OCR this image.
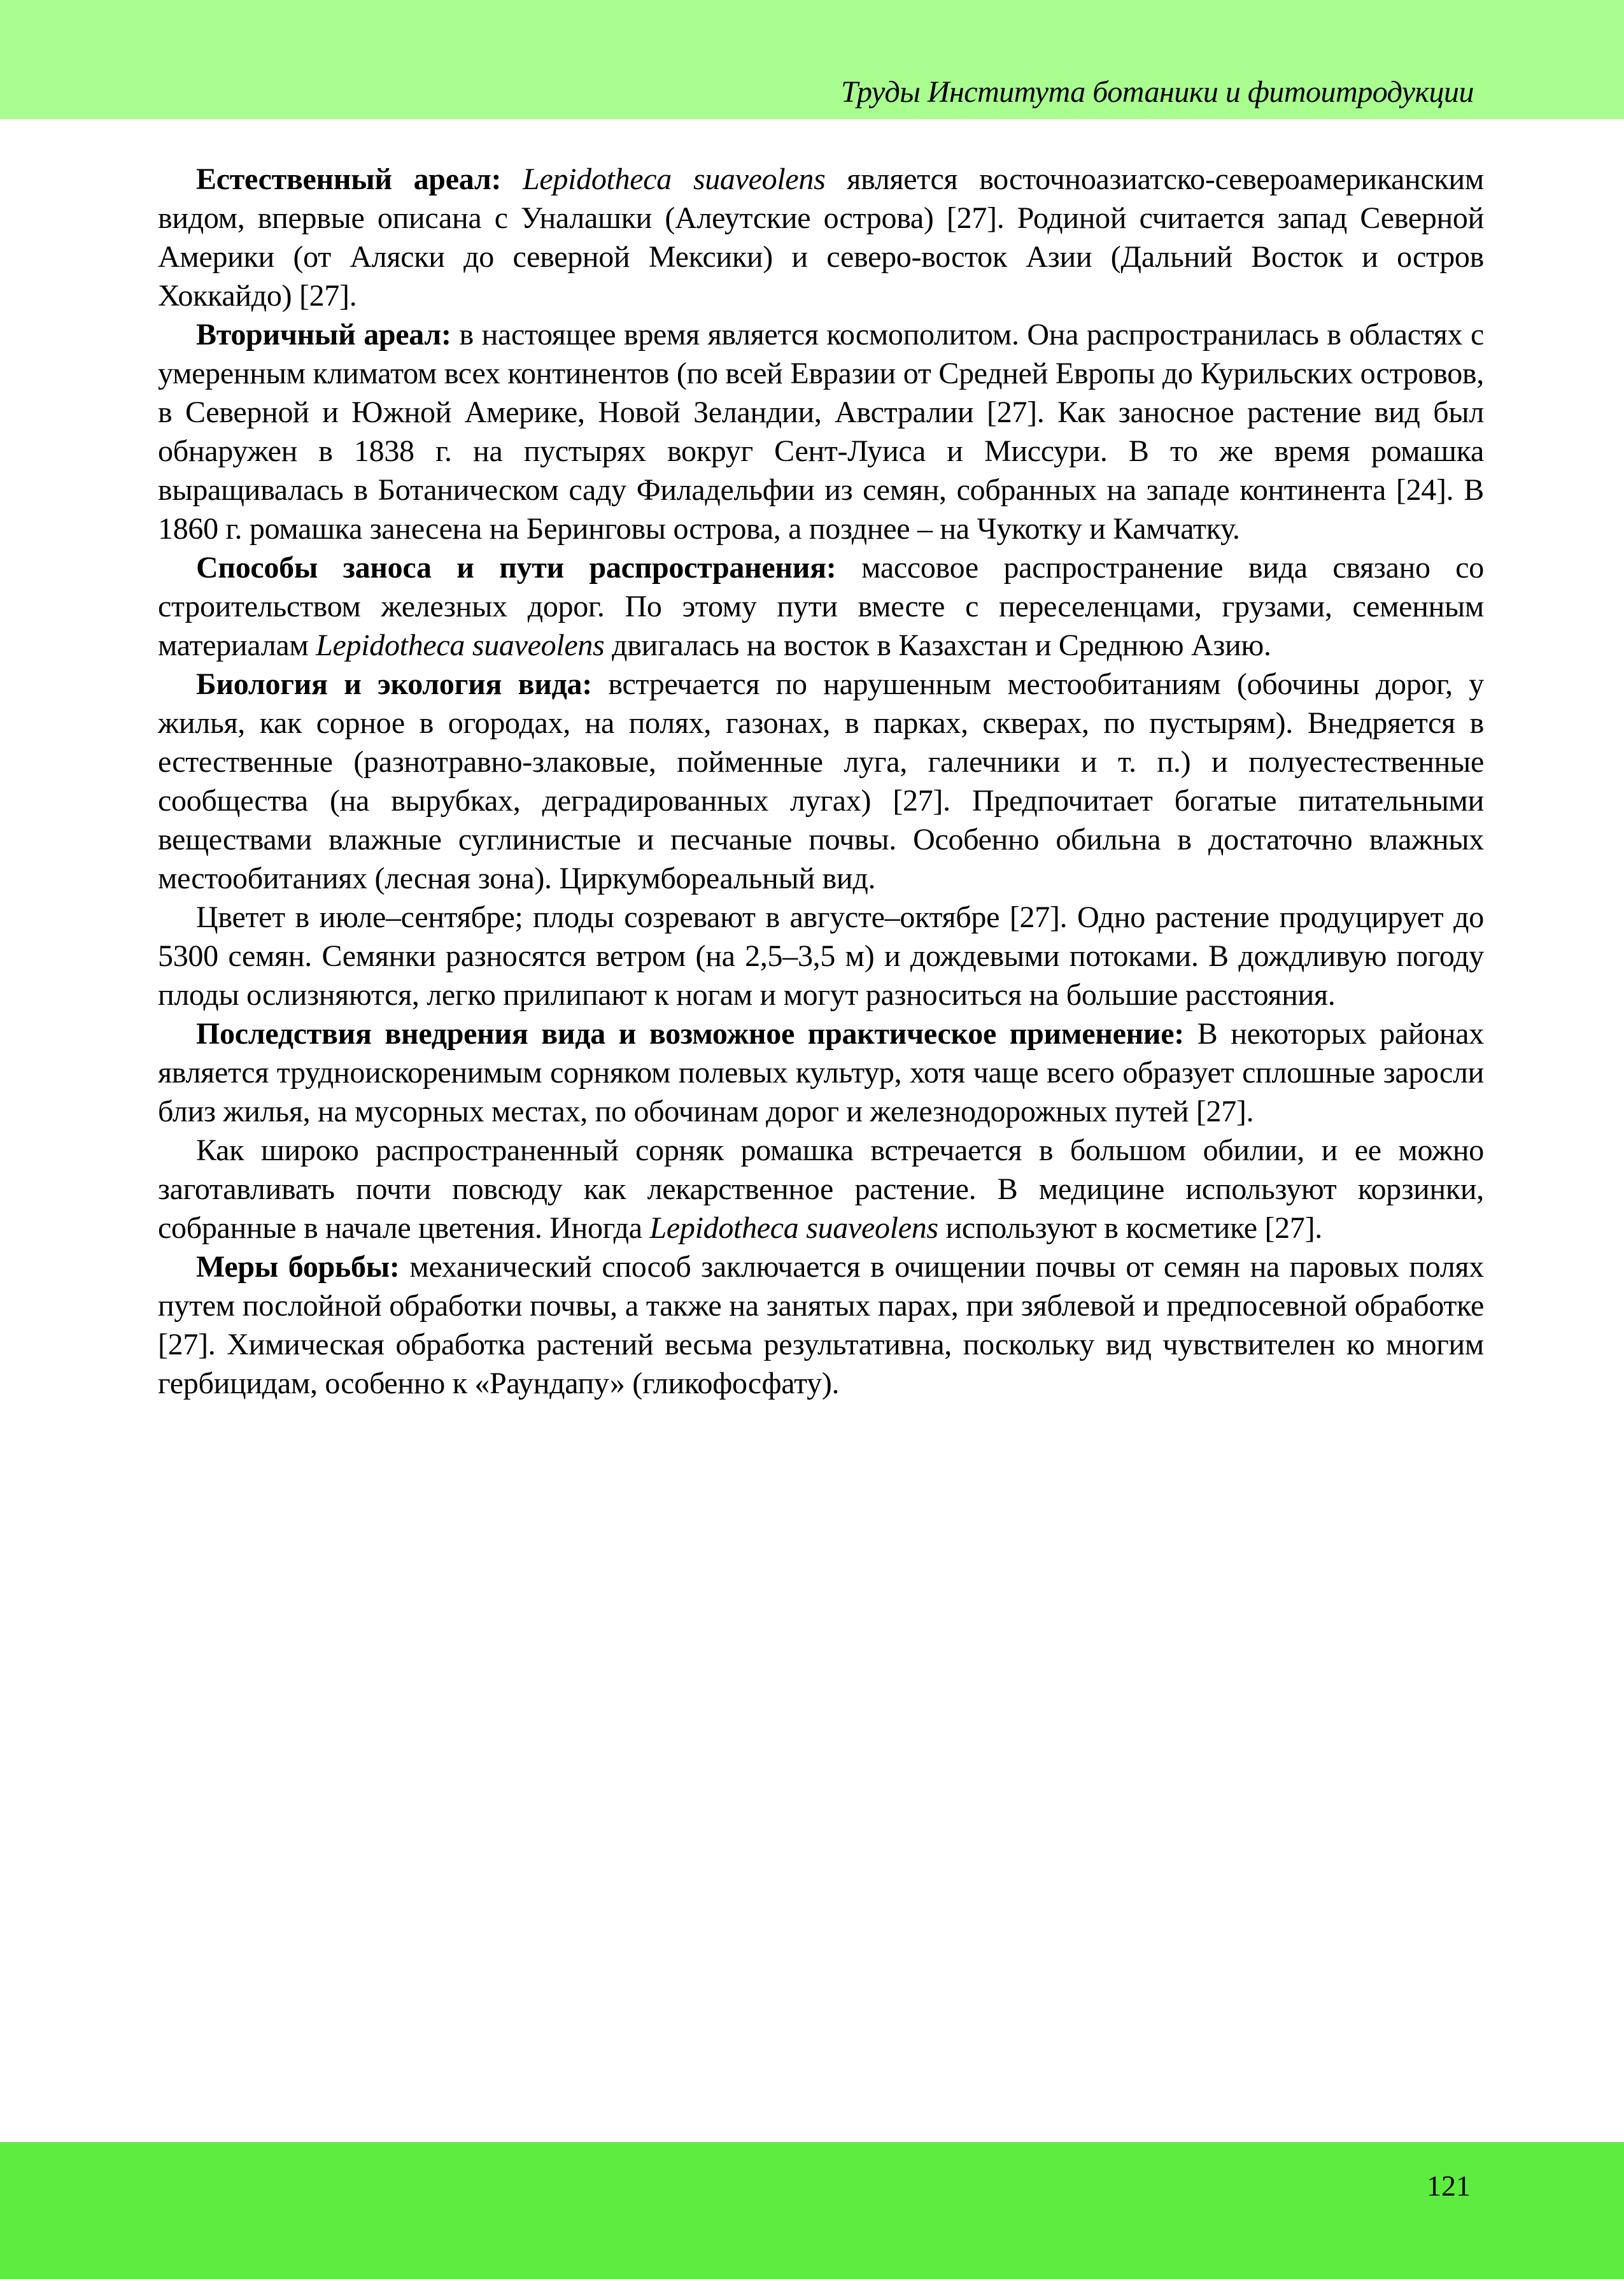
Труды Института ботаники и фитоитродукции

Естественный ареал: Lepidotheca suaveolens является восточноазиатско-североамериканским видом, впервые описана с Уналашки (Алеутские острова) [27]. Родиной считается запад Северной Америки (от Аляски до северной Мексики) и северо-восток Азии (Дальний Восток и остров Хоккайдо) [27].

Вторичный ареал: в настоящее время является космополитом. Она распространилась в областях с умеренным климатом всех континентов (по всей Евразии от Средней Европы до Курильских островов, в Северной и Южной Америке, Новой Зеландии, Австралии [27]. Как заносное растение вид был обнаружен в 1838 г. на пустырях вокруг Сент-Луиса и Миссури. В то же время ромашка выращивалась в Ботаническом саду Филадельфии из семян, собранных на западе континента [24]. В 1860 г. ромашка занесена на Беринговы острова, а позднее – на Чукотку и Камчатку.

Способы заноса и пути распространения: массовое распространение вида связано со строительством железных дорог. По этому пути вместе с переселенцами, грузами, семенным материалам Lepidotheca suaveolens двигалась на восток в Казахстан и Среднюю Азию.

Биология и экология вида: встречается по нарушенным местообитаниям (обочины дорог, у жилья, как сорное в огородах, на полях, газонах, в парках, скверах, по пустырям). Внедряется в естественные (разнотравно-злаковые, пойменные луга, галечники и т. п.) и полуестественные сообщества (на вырубках, деградированных лугах) [27]. Предпочитает богатые питательными веществами влажные суглинистые и песчаные почвы. Особенно обильна в достаточно влажных местообитаниях (лесная зона). Циркумбореальный вид.

Цветет в июле–сентябре; плоды созревают в августе–октябре [27]. Одно растение продуцирует до 5300 семян. Семянки разносятся ветром (на 2,5–3,5 м) и дождевыми потоками. В дождливую погоду плоды ослизняются, легко прилипают к ногам и могут разноситься на большие расстояния.

Последствия внедрения вида и возможное практическое применение: В некоторых районах является трудноискоренимым сорняком полевых культур, хотя чаще всего образует сплошные заросли близ жилья, на мусорных местах, по обочинам дорог и железнодорожных путей [27].

Как широко распространенный сорняк ромашка встречается в большом обилии, и ее можно заготавливать почти повсюду как лекарственное растение. В медицине используют корзинки, собранные в начале цветения. Иногда Lepidotheca suaveolens используют в косметике [27].

Меры борьбы: механический способ заключается в очищении почвы от семян на паровых полях путем послойной обработки почвы, а также на занятых парах, при зяблевой и предпосевной обработке [27]. Химическая обработка растений весьма результативна, поскольку вид чувствителен ко многим гербицидам, особенно к «Раундапу» (гликофосфату).

121
